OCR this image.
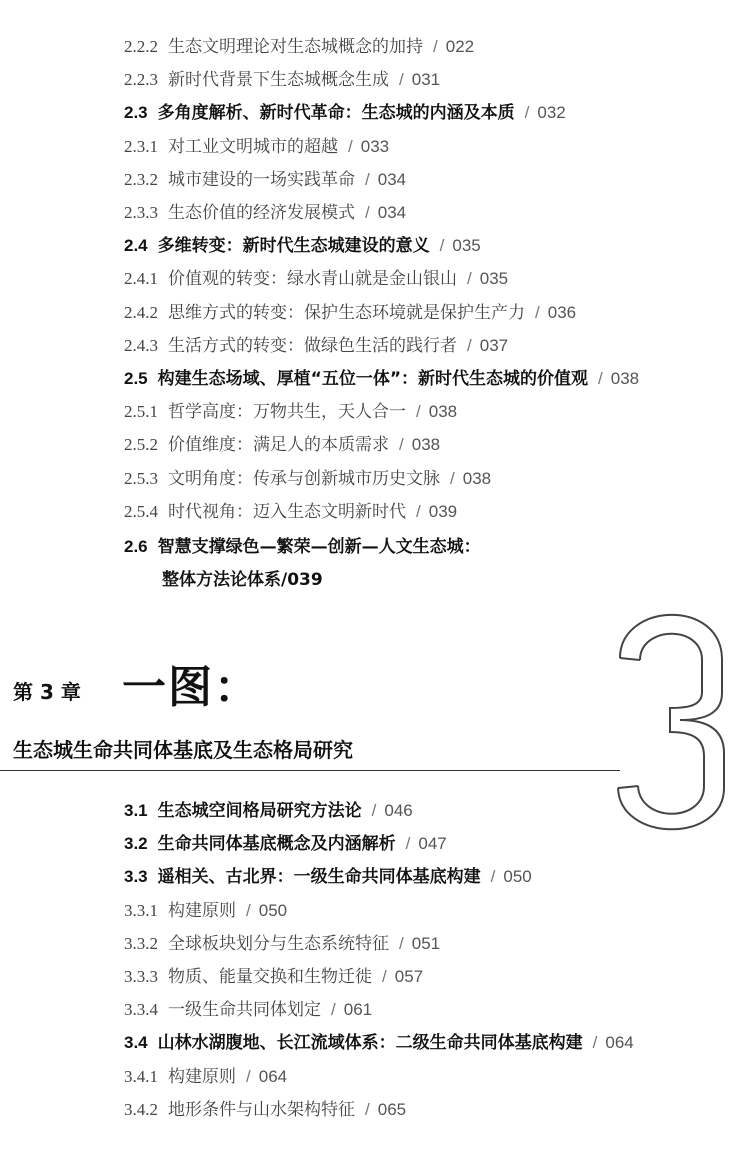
2.2.2 生态文明理论对生态城概念的加持 / 022
2.2.3 新时代背景下生态城概念生成 / 031
2.3 多角度解析、新时代革命：生态城的内涵及本质 / 032
2.3.1 对工业文明城市的超越 / 033
2.3.2 城市建设的一场实践革命 / 034
2.3.3 生态价值的经济发展模式 / 034
2.4 多维转变：新时代生态城建设的意义 / 035
2.4.1 价值观的转变：绿水青山就是金山银山 / 035
2.4.2 思维方式的转变：保护生态环境就是保护生产力 / 036
2.4.3 生活方式的转变：做绿色生活的践行者 / 037
2.5 构建生态场域、厚植“五位一体”：新时代生态城的价值观 / 038
2.5.1 哲学高度：万物共生，天人合一 / 038
2.5.2 价值维度：满足人的本质需求 / 038
2.5.3 文明角度：传承与创新城市历史文脉 / 038
2.5.4 时代视角：迈入生态文明新时代 / 039
2.6 智慧支撑绿色—繁荣—创新—人文生态城：
整体方法论体系/039
第 3 章 一图：
生态城生命共同体基底及生态格局研究
3.1 生态城空间格局研究方法论 / 046
3.2 生命共同体基底概念及内涵解析 / 047
3.3 遥相关、古北界：一级生命共同体基底构建 / 050
3.3.1 构建原则 / 050
3.3.2 全球板块划分与生态系统特征 / 051
3.3.3 物质、能量交换和生物迁徙 / 057
3.3.4 一级生命共同体划定 / 061
3.4 山林水湖腹地、长江流域体系：二级生命共同体基底构建 / 064
3.4.1 构建原则 / 064
3.4.2 地形条件与山水架构特征 / 065
